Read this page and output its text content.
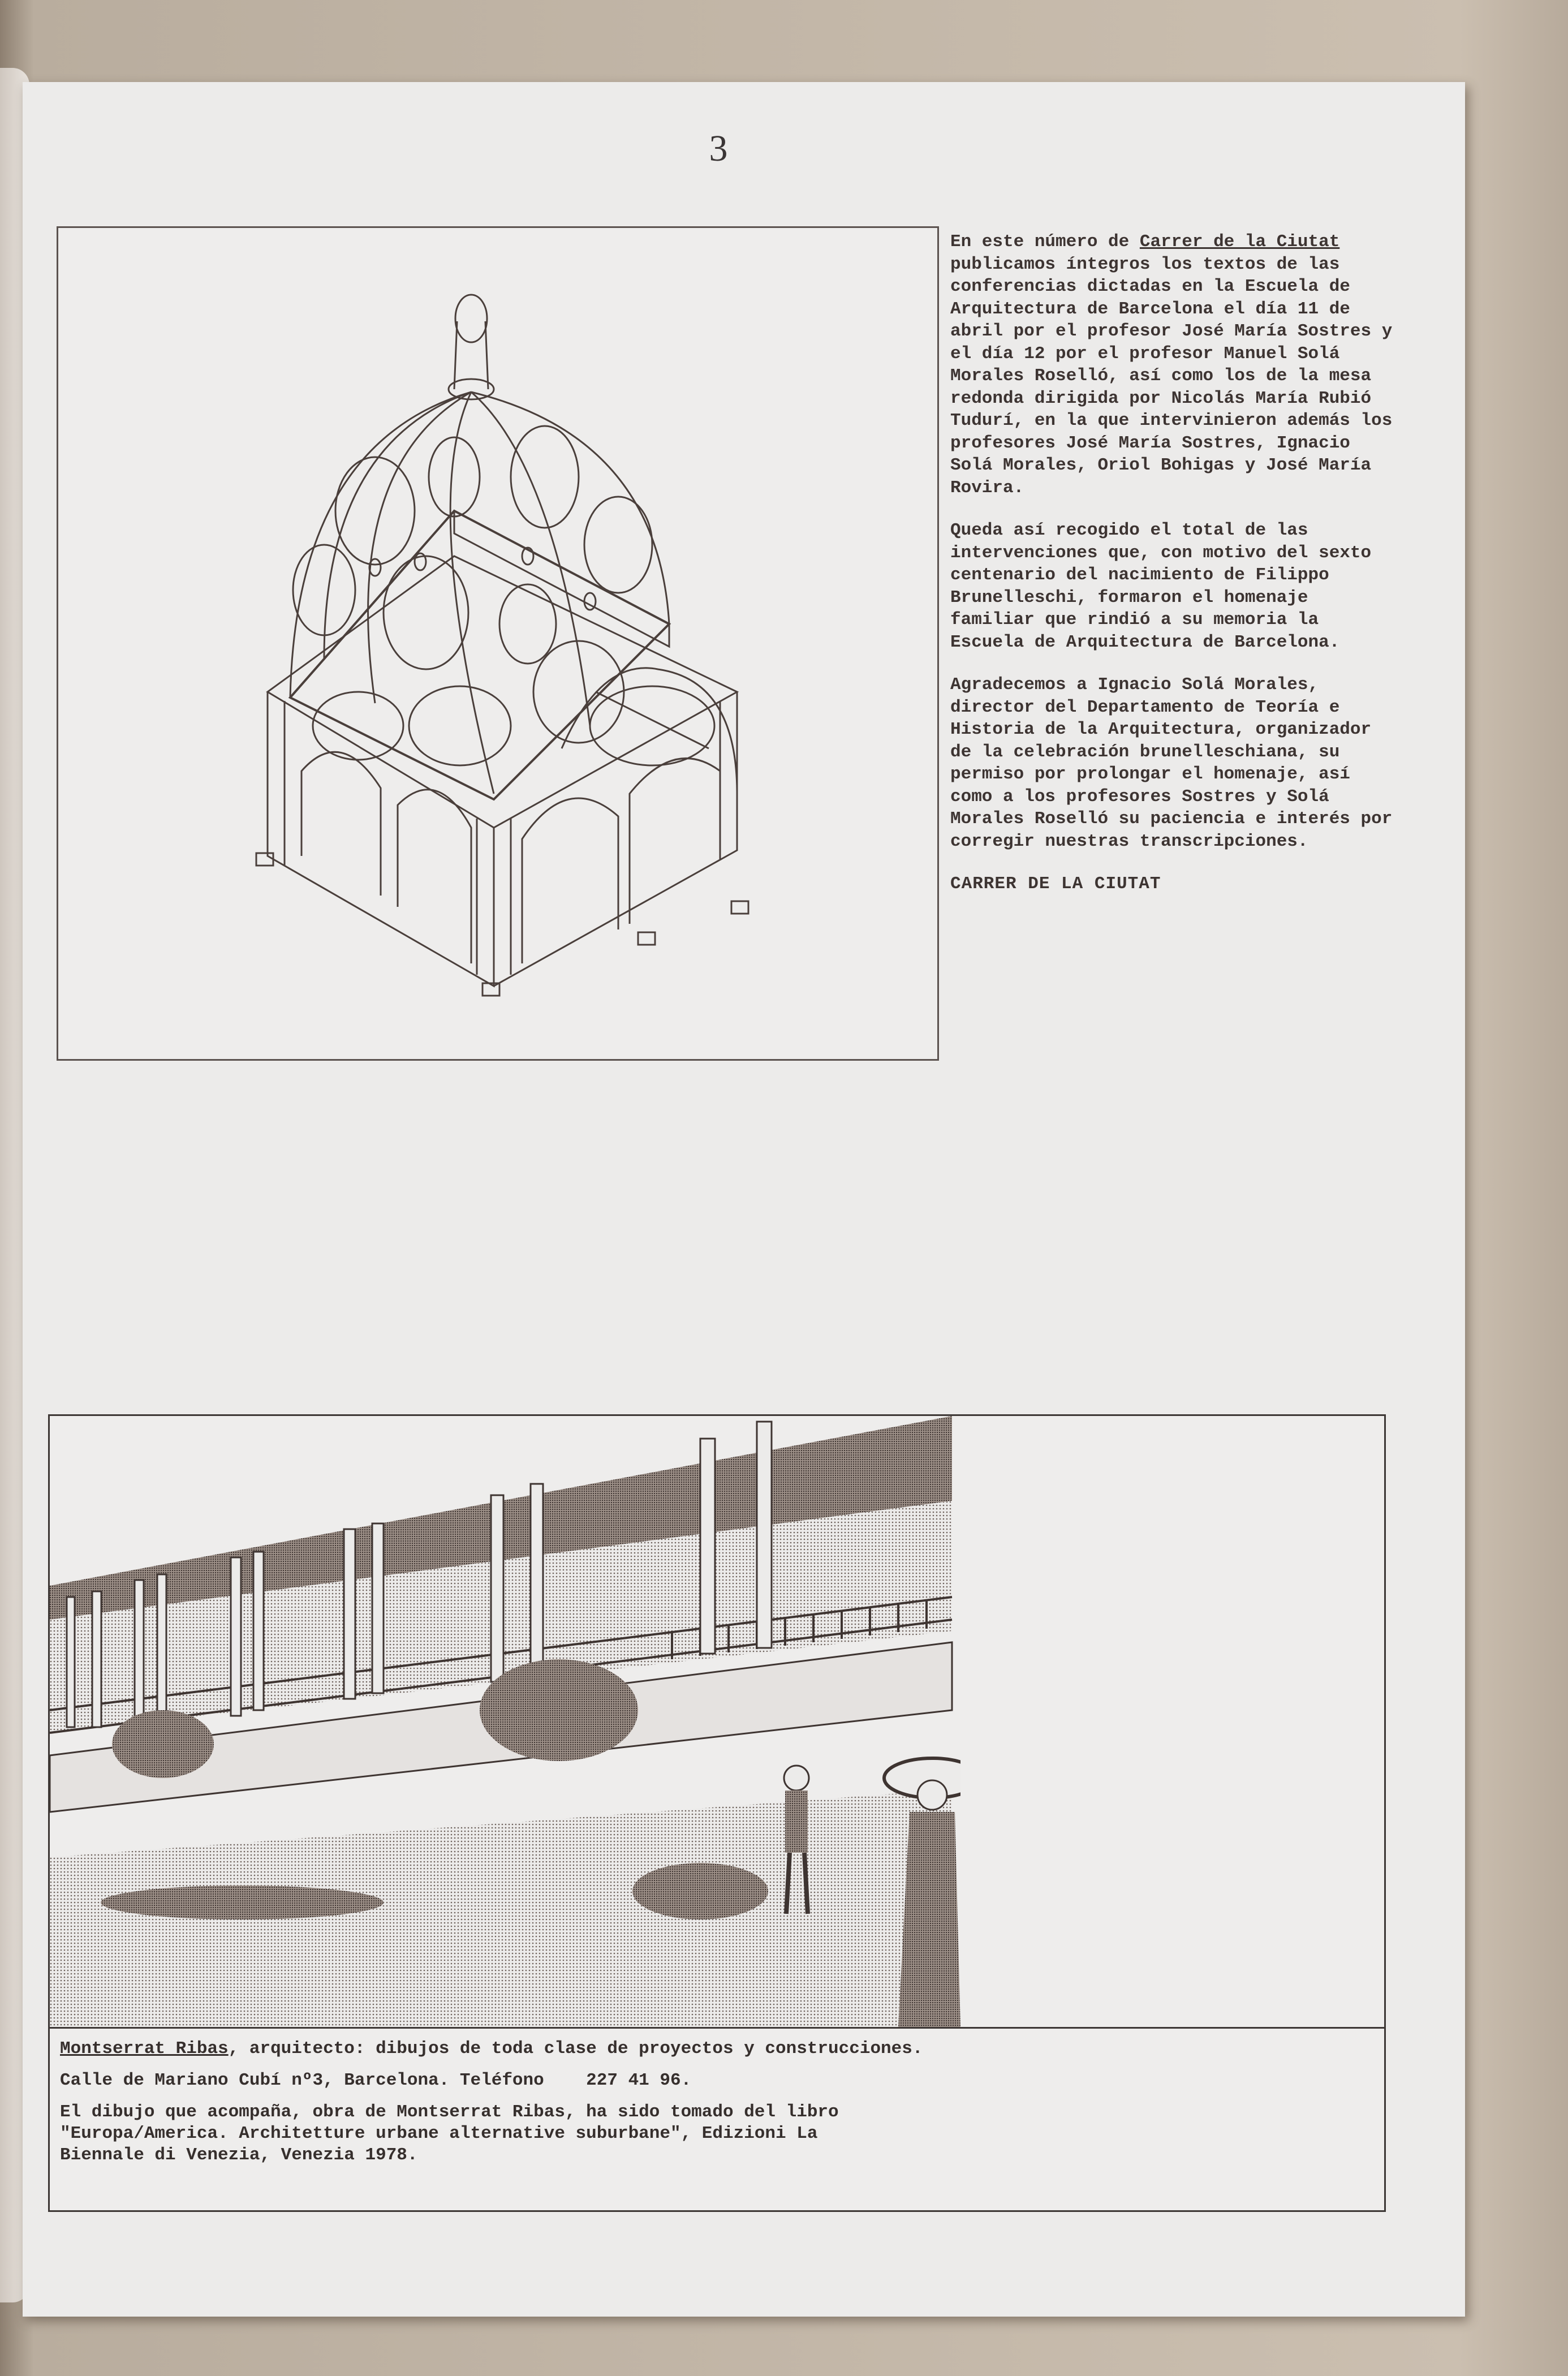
3

En este número de Carrer de la Ciutat publicamos íntegros los textos de las conferencias dictadas en la Escuela de Arquitectura de Barcelona el día 11 de abril por el profesor José María Sostres y el día 12 por el profesor Manuel Solá Morales Roselló, así como los de la mesa redonda dirigida por Nicolás María Rubió Tudurí, en la que intervinieron además los profesores José María Sostres, Ignacio Solá Morales, Oriol Bohigas y José María Rovira.

Queda así recogido el total de las intervenciones que, con motivo del sexto centenario del nacimiento de Filippo Brunelleschi, formaron el homenaje familiar que rindió a su memoria la Escuela de Arquitectura de Barcelona.

Agradecemos a Ignacio Solá Morales, director del Departamento de Teoría e Historia de la Arquitectura, organizador de la celebración brunelleschiana, su permiso por prolongar el homenaje, así como a los profesores Sostres y Solá Morales Roselló su paciencia e interés por corregir nuestras transcripciones.

CARRER DE LA CIUTAT

Montserrat Ribas, arquitecto: dibujos de toda clase de proyectos y construcciones.

Calle de Mariano Cubí nº3, Barcelona. Teléfono    227 41 96.

El dibujo que acompaña, obra de Montserrat Ribas, ha sido tomado del libro
"Europa/America. Architetture urbane alternative suburbane", Edizioni La
Biennale di Venezia, Venezia 1978.
